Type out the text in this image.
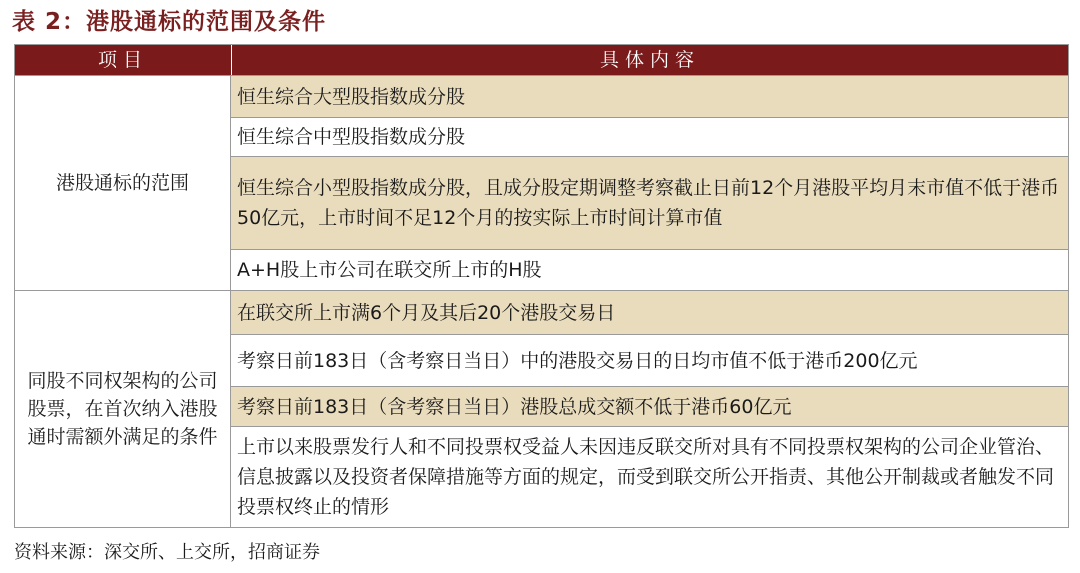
表 2：港股通标的范围及条件
项目	具体内容
港股通标的范围
恒生综合大型股指数成分股
恒生综合中型股指数成分股
恒生综合小型股指数成分股，且成分股定期调整考察截止日前12个月港股平均月末市值不低于港币50亿元，上市时间不足12个月的按实际上市时间计算市值
A+H股上市公司在联交所上市的H股
同股不同权架构的公司股票，在首次纳入港股通时需额外满足的条件
在联交所上市满6个月及其后20个港股交易日
考察日前183日（含考察日当日）中的港股交易日的日均市值不低于港币200亿元
考察日前183日（含考察日当日）港股总成交额不低于港币60亿元
上市以来股票发行人和不同投票权受益人未因违反联交所对具有不同投票权架构的公司企业管治、信息披露以及投资者保障措施等方面的规定，而受到联交所公开指责、其他公开制裁或者触发不同投票权终止的情形
资料来源：深交所、上交所，招商证券
